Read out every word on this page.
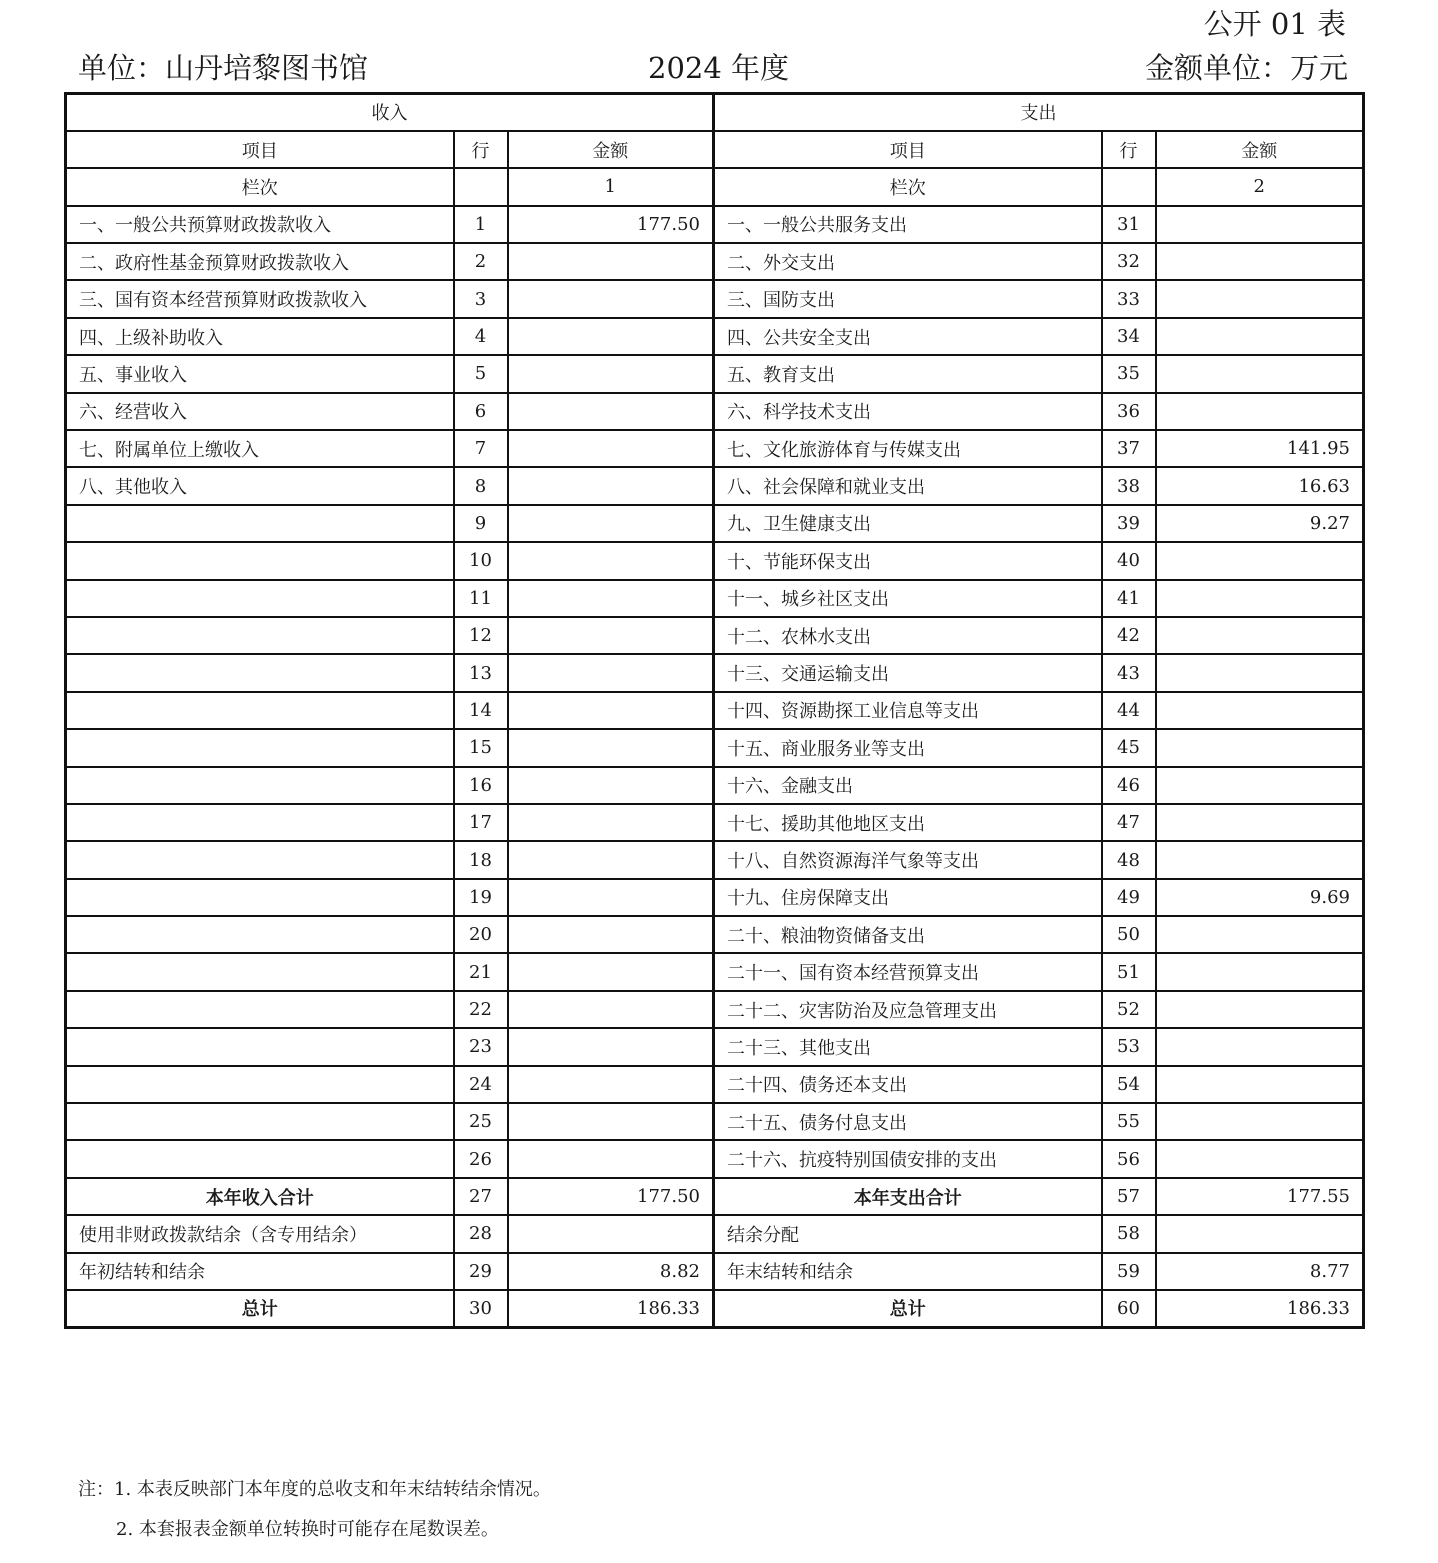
公开 01 表
单位：山丹培黎图书馆	2024 年度	金额单位：万元
收入			支出		
项目	行	金额	项目	行	金额
栏次		1	栏次		2
一、一般公共预算财政拨款收入	1	177.50	一、一般公共服务支出	31	
二、政府性基金预算财政拨款收入	2		二、外交支出	32	
三、国有资本经营预算财政拨款收入	3		三、国防支出	33	
四、上级补助收入	4		四、公共安全支出	34	
五、事业收入	5		五、教育支出	35	
六、经营收入	6		六、科学技术支出	36	
七、附属单位上缴收入	7		七、文化旅游体育与传媒支出	37	141.95
八、其他收入	8		八、社会保障和就业支出	38	16.63
	9		九、卫生健康支出	39	9.27
	10		十、节能环保支出	40	
	11		十一、城乡社区支出	41	
	12		十二、农林水支出	42	
	13		十三、交通运输支出	43	
	14		十四、资源勘探工业信息等支出	44	
	15		十五、商业服务业等支出	45	
	16		十六、金融支出	46	
	17		十七、援助其他地区支出	47	
	18		十八、自然资源海洋气象等支出	48	
	19		十九、住房保障支出	49	9.69
	20		二十、粮油物资储备支出	50	
	21		二十一、国有资本经营预算支出	51	
	22		二十二、灾害防治及应急管理支出	52	
	23		二十三、其他支出	53	
	24		二十四、债务还本支出	54	
	25		二十五、债务付息支出	55	
	26		二十六、抗疫特别国债安排的支出	56	
本年收入合计	27	177.50	本年支出合计	57	177.55
使用非财政拨款结余（含专用结余）	28		结余分配	58	
年初结转和结余	29	8.82	年末结转和结余	59	8.77
总计	30	186.33	总计	60	186.33
注：1. 本表反映部门本年度的总收支和年末结转结余情况。
2. 本套报表金额单位转换时可能存在尾数误差。
